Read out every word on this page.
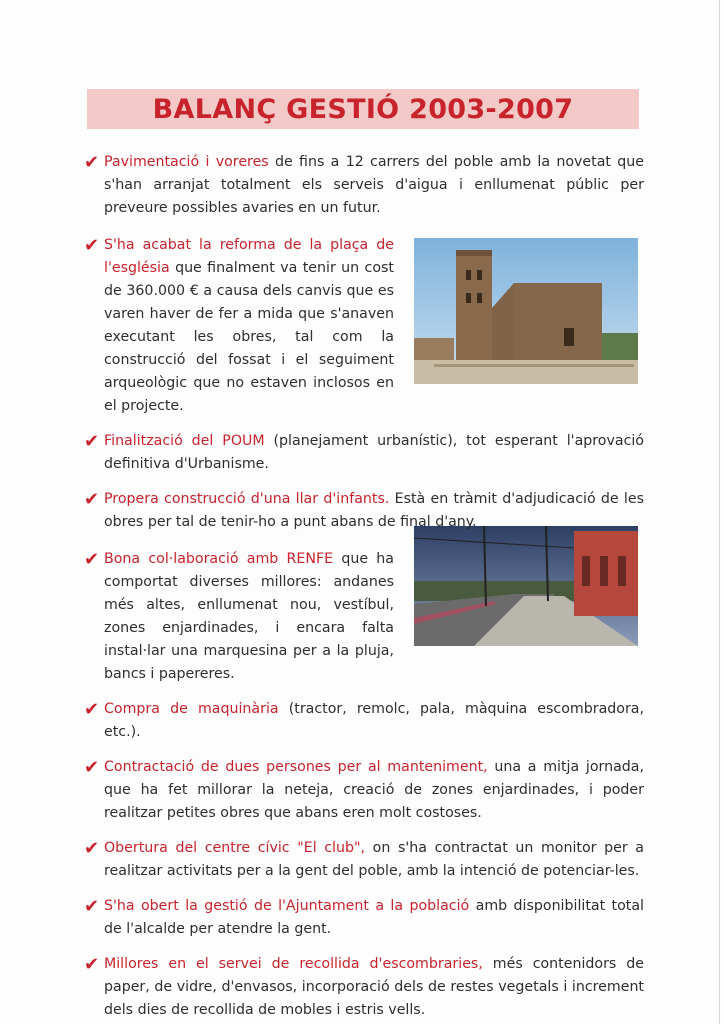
BALANÇ GESTIÓ 2003-2007
✔ Pavimentació i voreres de fins a 12 carrers del poble amb la novetat que s'han arranjat totalment els serveis d'aigua i enllumenat públic per preveure possibles avaries en un futur.
✔ S'ha acabat la reforma de la plaça de l'església que finalment va tenir un cost de 360.000 € a causa dels canvis que es varen haver de fer a mida que s'anaven executant les obres, tal com la construcció del fossat i el seguiment arqueològic que no estaven inclosos en el projecte.
✔ Finalització del POUM (planejament urbanístic), tot esperant l'aprovació definitiva d'Urbanisme.
✔ Propera construcció d'una llar d'infants. Està en tràmit d'adjudicació de les obres per tal de tenir-ho a punt abans de final d'any.
✔ Bona col·laboració amb RENFE que ha comportat diverses millores: andanes més altes, enllumenat nou, vestíbul, zones enjardinades, i encara falta instal·lar una marquesina per a la pluja, bancs i papereres.
✔ Compra de maquinària (tractor, remolc, pala, màquina escombradora, etc.).
✔ Contractació de dues persones per al manteniment, una a mitja jornada, que ha fet millorar la neteja, creació de zones enjardinades, i poder realitzar petites obres que abans eren molt costoses.
✔ Obertura del centre cívic "El club", on s'ha contractat un monitor per a realitzar activitats per a la gent del poble, amb la intenció de potenciar-les.
✔ S'ha obert la gestió de l'Ajuntament a la població amb disponibilitat total de l'alcalde per atendre la gent.
✔ Millores en el servei de recollida d'escombraries, més contenidors de paper, de vidre, d'envasos, incorporació dels de restes vegetals i increment dels dies de recollida de mobles i estris vells.
